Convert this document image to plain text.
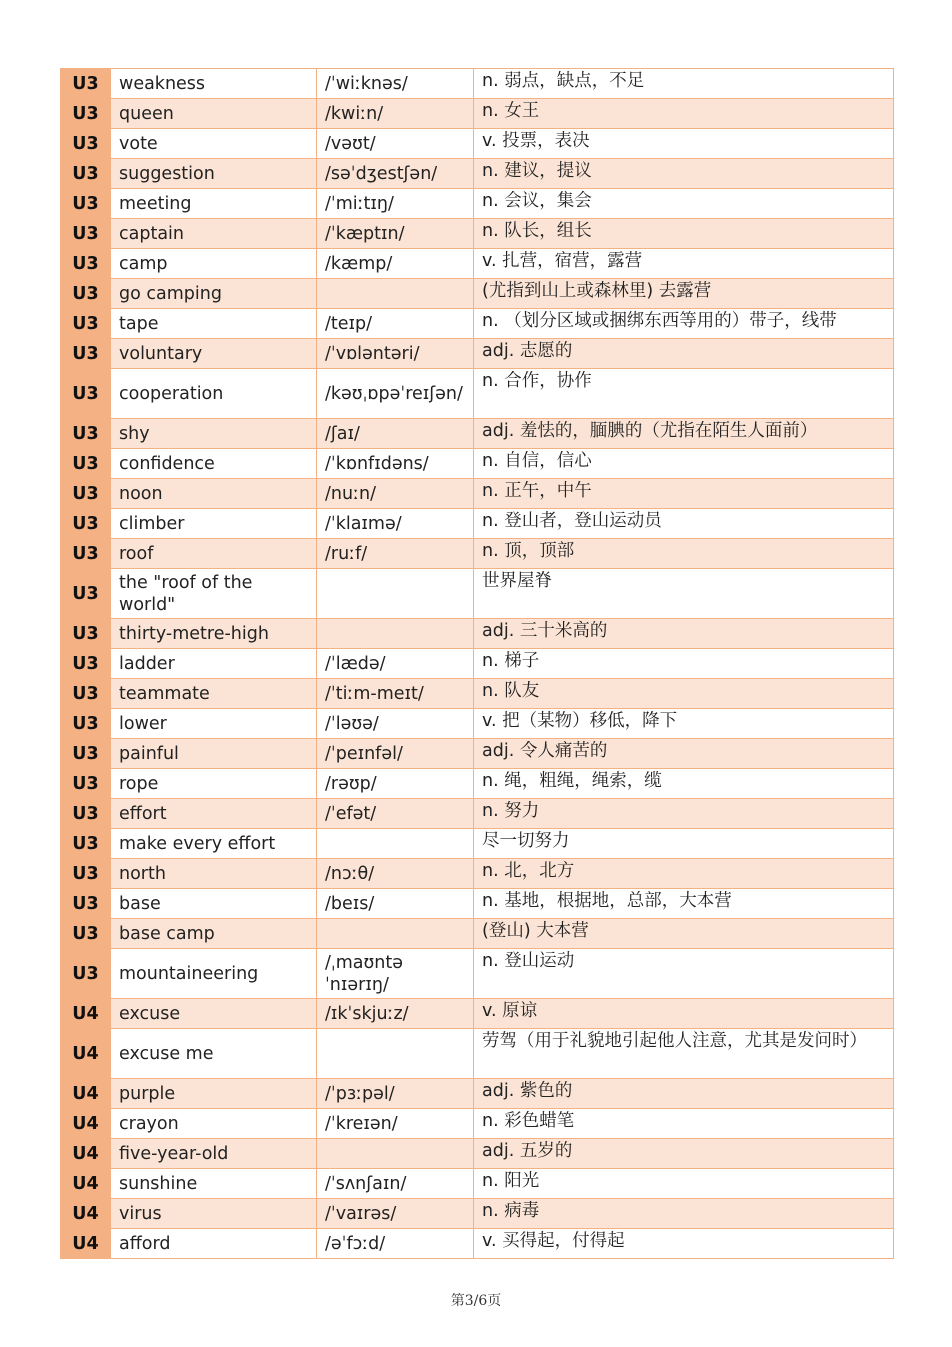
U3	weakness	/ˈwiːknəs/	n. 弱点，缺点，不足
U3	queen	/kwiːn/	n. 女王
U3	vote	/vəʊt/	v. 投票，表决
U3	suggestion	/səˈdʒestʃən/	n. 建议，提议
U3	meeting	/ˈmiːtɪŋ/	n. 会议，集会
U3	captain	/ˈkæptɪn/	n. 队长，组长
U3	camp	/kæmp/	v. 扎营，宿营，露营
U3	go camping		(尤指到山上或森林里) 去露营
U3	tape	/teɪp/	n. （划分区域或捆绑东西等用的）带子，线带
U3	voluntary	/ˈvɒləntəri/	adj. 志愿的
U3	cooperation	/kəʊˌɒpəˈreɪʃən/	n. 合作，协作
U3	shy	/ʃaɪ/	adj. 羞怯的，腼腆的（尤指在陌生人面前）
U3	confidence	/ˈkɒnfɪdəns/	n. 自信，信心
U3	noon	/nuːn/	n. 正午，中午
U3	climber	/ˈklaɪmə/	n. 登山者，登山运动员
U3	roof	/ruːf/	n. 顶，顶部
U3	the "roof of the world"		世界屋脊
U3	thirty-metre-high		adj. 三十米高的
U3	ladder	/ˈlædə/	n. 梯子
U3	teammate	/ˈtiːm-meɪt/	n. 队友
U3	lower	/ˈləʊə/	v. 把（某物）移低，降下
U3	painful	/ˈpeɪnfəl/	adj. 令人痛苦的
U3	rope	/rəʊp/	n. 绳，粗绳，绳索，缆
U3	effort	/ˈefət/	n. 努力
U3	make every effort		尽一切努力
U3	north	/nɔːθ/	n. 北，北方
U3	base	/beɪs/	n. 基地，根据地，总部，大本营
U3	base camp		(登山) 大本营
U3	mountaineering	/ˌmaʊntəˈnɪərɪŋ/	n. 登山运动
U4	excuse	/ɪkˈskjuːz/	v. 原谅
U4	excuse me		劳驾（用于礼貌地引起他人注意，尤其是发问时）
U4	purple	/ˈpɜːpəl/	adj. 紫色的
U4	crayon	/ˈkreɪən/	n. 彩色蜡笔
U4	five-year-old		adj. 五岁的
U4	sunshine	/ˈsʌnʃaɪn/	n. 阳光
U4	virus	/ˈvaɪrəs/	n. 病毒
U4	afford	/əˈfɔːd/	v. 买得起，付得起
第3/6页
